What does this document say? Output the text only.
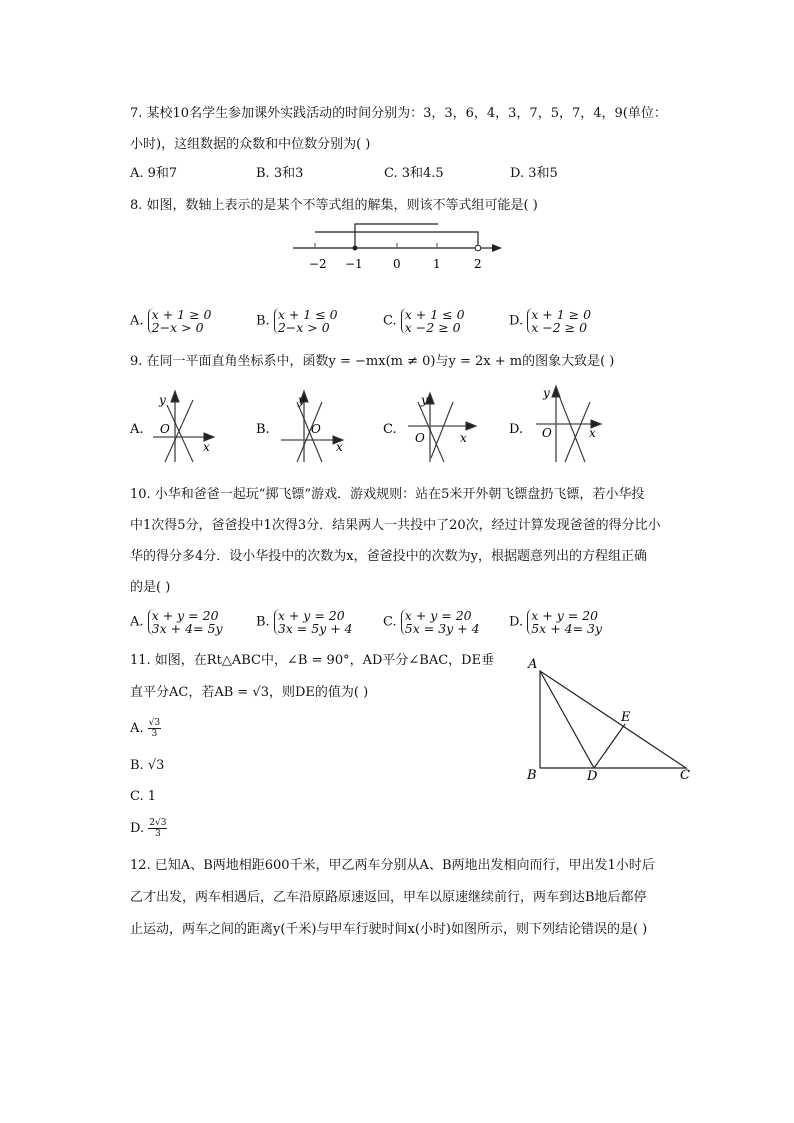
7. 某校10名学生参加课外实践活动的时间分别为：3，3，6，4，3，7，5，7，4，9(单位：
小时)，这组数据的众数和中位数分别为( )
A. 9和7	B. 3和3	C. 3和4.5	D. 3和5
8. 如图，数轴上表示的是某个不等式组的解集，则该不等式组可能是( )
−2 −1	0	1	2
A. x + 1 ≥ 0
2−x > 0	B. x + 1 ≤ 0
2−x > 0	C. x + 1 ≤ 0
x −2 ≥ 0	D. x + 1 ≥ 0
x −2 ≥ 0
9. 在同一平面直角坐标系中，函数y = −mx(m ≠ 0)与y = 2x + m的图象大致是( )
y
O
x
A.
y
O
x
B.
y
O	x
C.
y
O	x
D.
10. 小华和爸爸一起玩“掷飞镖”游戏．游戏规则：站在5米开外朝飞镖盘扔飞镖，若小华投
中1次得5分，爸爸投中1次得3分．结果两人一共投中了20次，经过计算发现爸爸的得分比小
华的得分多4分．设小华投中的次数为x，爸爸投中的次数为y，根据题意列出的方程组正确
的是( )
A. x + y = 20
3x + 4= 5y	B. x + y = 20
3x = 5y + 4 C. x + y = 20
5x = 3y + 4 D. x + y = 20
5x + 4= 3y
11. 如图，在Rt△ABC中，∠B = 90°，AD平分∠BAC，DE垂
直平分AC，若AB = √3，则DE的值为( )
A. $\frac{√3}{3}$
B. √3
C. 1
D. $\frac{2√3}{3}$
A
B	C
D
E
12. 已知A、B两地相距600千米，甲乙两车分别从A、B两地出发相向而行，甲出发1小时后
乙才出发，两车相遇后，乙车沿原路原速返回，甲车以原速继续前行，两车到达B地后都停
止运动，两车之间的距离y(千米)与甲车行驶时间x(小时)如图所示，则下列结论错误的是( )
